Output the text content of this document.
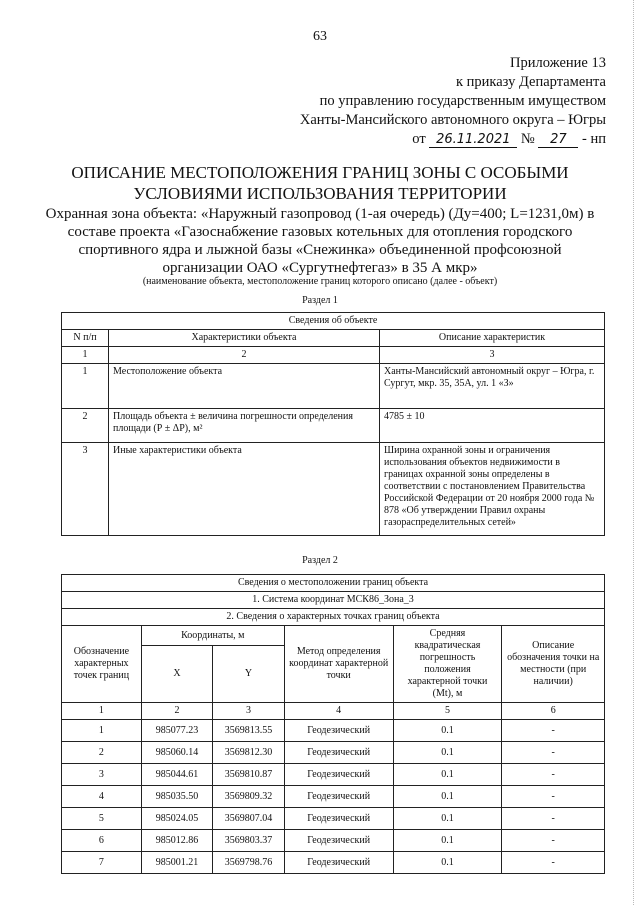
63
Приложение 13
к приказу Департамента
по управлению государственным имуществом
Ханты-Мансийского автономного округа – Югры
от 26.11.2021 № 27 - нп
ОПИСАНИЕ МЕСТОПОЛОЖЕНИЯ ГРАНИЦ ЗОНЫ С ОСОБЫМИ
УСЛОВИЯМИ ИСПОЛЬЗОВАНИЯ ТЕРРИТОРИИ
Охранная зона объекта: «Наружный газопровод (1-ая очередь) (Ду=400; L=1231,0м) в составе проекта «Газоснабжение газовых котельных для отопления городского спортивного ядра и лыжной базы «Снежинка» объединенной профсоюзной организации ОАО «Сургутнефтегаз» в 35 А мкр»
(наименование объекта, местоположение границ которого описано (далее - объект)
Раздел 1
Сведения об объекте		
N п/п	Характеристики объекта	Описание характеристик
1	2	3
1	Местоположение объекта	Ханты-Мансийский автономный округ – Югра, г. Сургут, мкр. 35, 35А, ул. 1 «З»
2	Площадь объекта ± величина погрешности определения площади (Р ± ΔР), м²	4785 ± 10
3	Иные характеристики объекта	Ширина охранной зоны и ограничения использования объектов недвижимости в границах охранной зоны определены в соответствии с постановлением Правительства Российской Федерации от 20 ноября 2000 года № 878 «Об утверждении Правил охраны газораспределительных сетей»
Раздел 2
Сведения о местоположении границ объекта					
1. Система координат МСК86_Зона_3					
2. Сведения о характерных точках границ объекта					
Обозначение характерных точек границ	Координаты, м		Метод определения координат характерной точки	Средняя квадратическая погрешность положения характерной точки (Mt), м	Описание обозначения точки на местности (при наличии)
	X	Y			
1	2	3	4	5	6
1	985077.23	3569813.55	Геодезический	0.1	-
2	985060.14	3569812.30	Геодезический	0.1	-
3	985044.61	3569810.87	Геодезический	0.1	-
4	985035.50	3569809.32	Геодезический	0.1	-
5	985024.05	3569807.04	Геодезический	0.1	-
6	985012.86	3569803.37	Геодезический	0.1	-
7	985001.21	3569798.76	Геодезический	0.1	-
